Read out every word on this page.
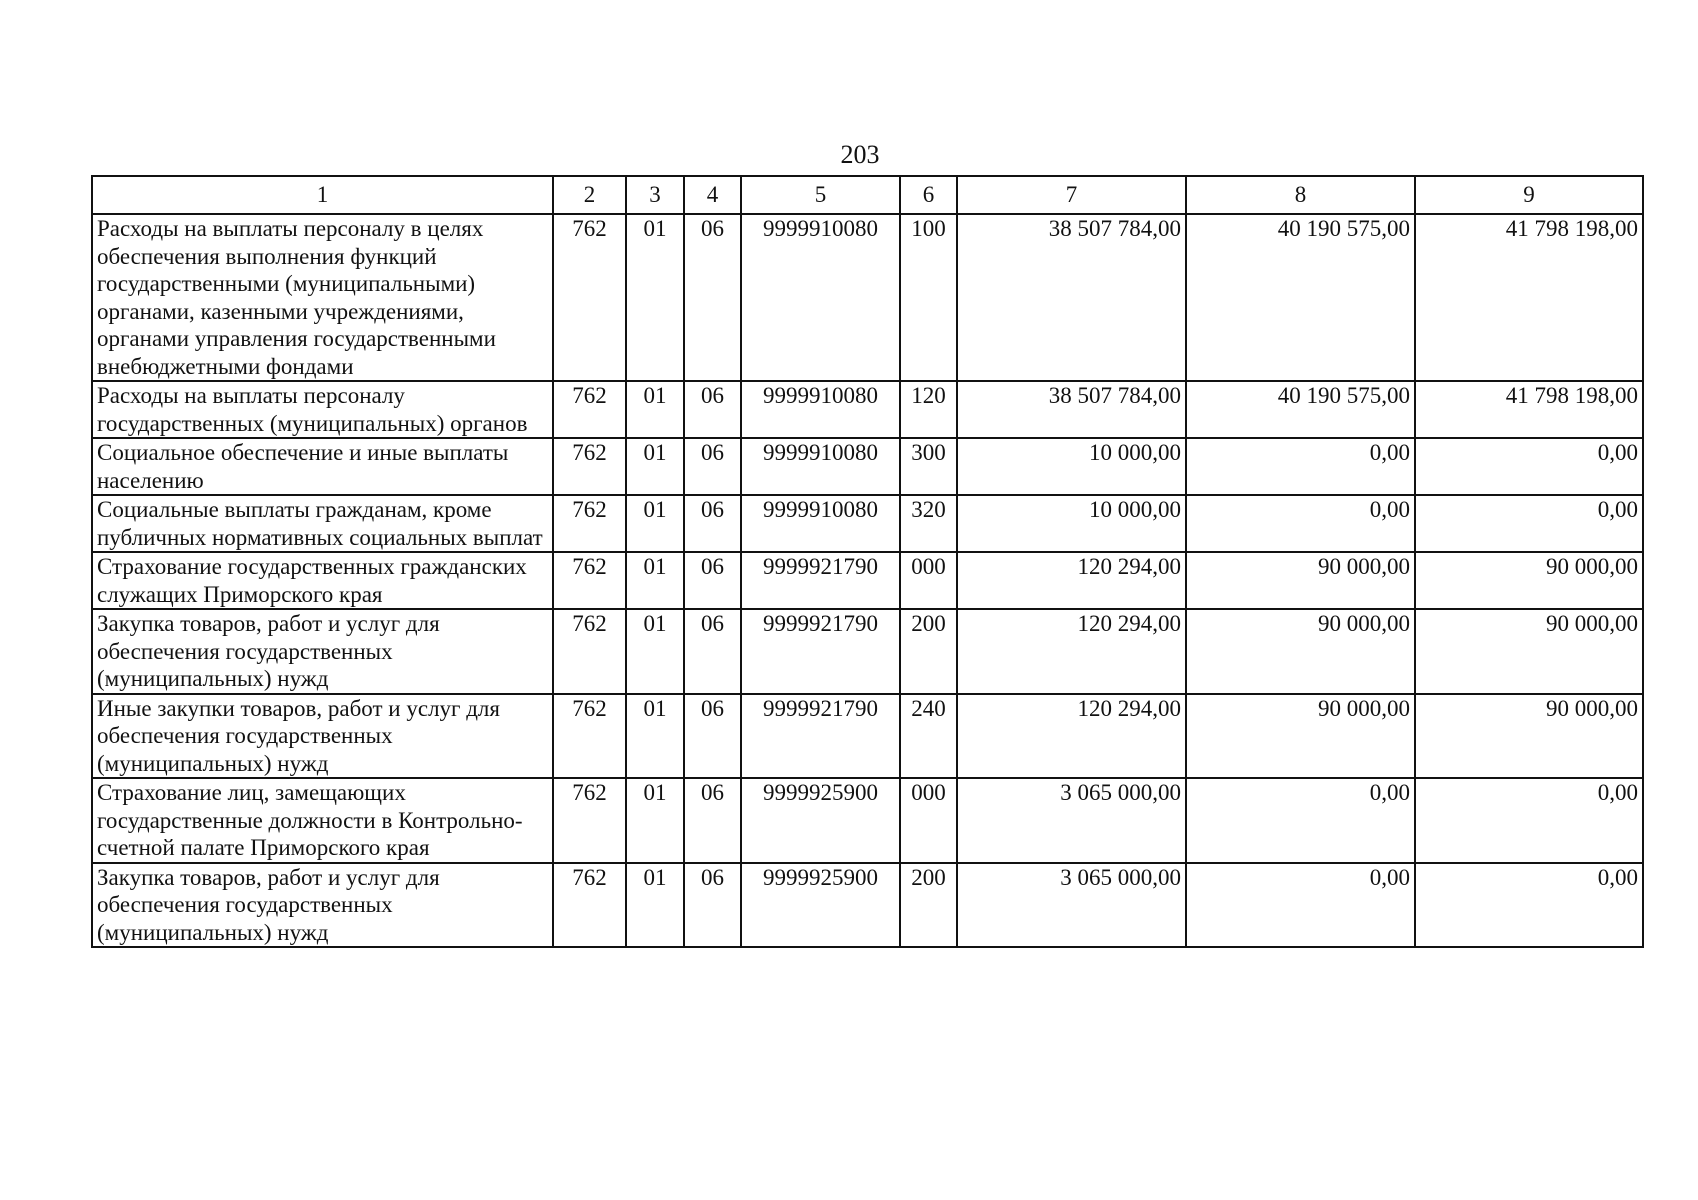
203
1	2	3	4	5	6	7	8	9
Расходы на выплаты персоналу в целях обеспечения выполнения функций государственными (муниципальными) органами, казенными учреждениями, органами управления государственными внебюджетными фондами	762	01	06	9999910080	100	38 507 784,00	40 190 575,00	41 798 198,00
Расходы на выплаты персоналу государственных (муниципальных) органов	762	01	06	9999910080	120	38 507 784,00	40 190 575,00	41 798 198,00
Социальное обеспечение и иные выплаты населению	762	01	06	9999910080	300	10 000,00	0,00	0,00
Социальные выплаты гражданам, кроме публичных нормативных социальных выплат	762	01	06	9999910080	320	10 000,00	0,00	0,00
Страхование государственных гражданских служащих Приморского края	762	01	06	9999921790	000	120 294,00	90 000,00	90 000,00
Закупка товаров, работ и услуг для обеспечения государственных (муниципальных) нужд	762	01	06	9999921790	200	120 294,00	90 000,00	90 000,00
Иные закупки товаров, работ и услуг для обеспечения государственных (муниципальных) нужд	762	01	06	9999921790	240	120 294,00	90 000,00	90 000,00
Страхование лиц, замещающих государственные должности в Контрольно-счетной палате Приморского края	762	01	06	9999925900	000	3 065 000,00	0,00	0,00
Закупка товаров, работ и услуг для обеспечения государственных (муниципальных) нужд	762	01	06	9999925900	200	3 065 000,00	0,00	0,00
